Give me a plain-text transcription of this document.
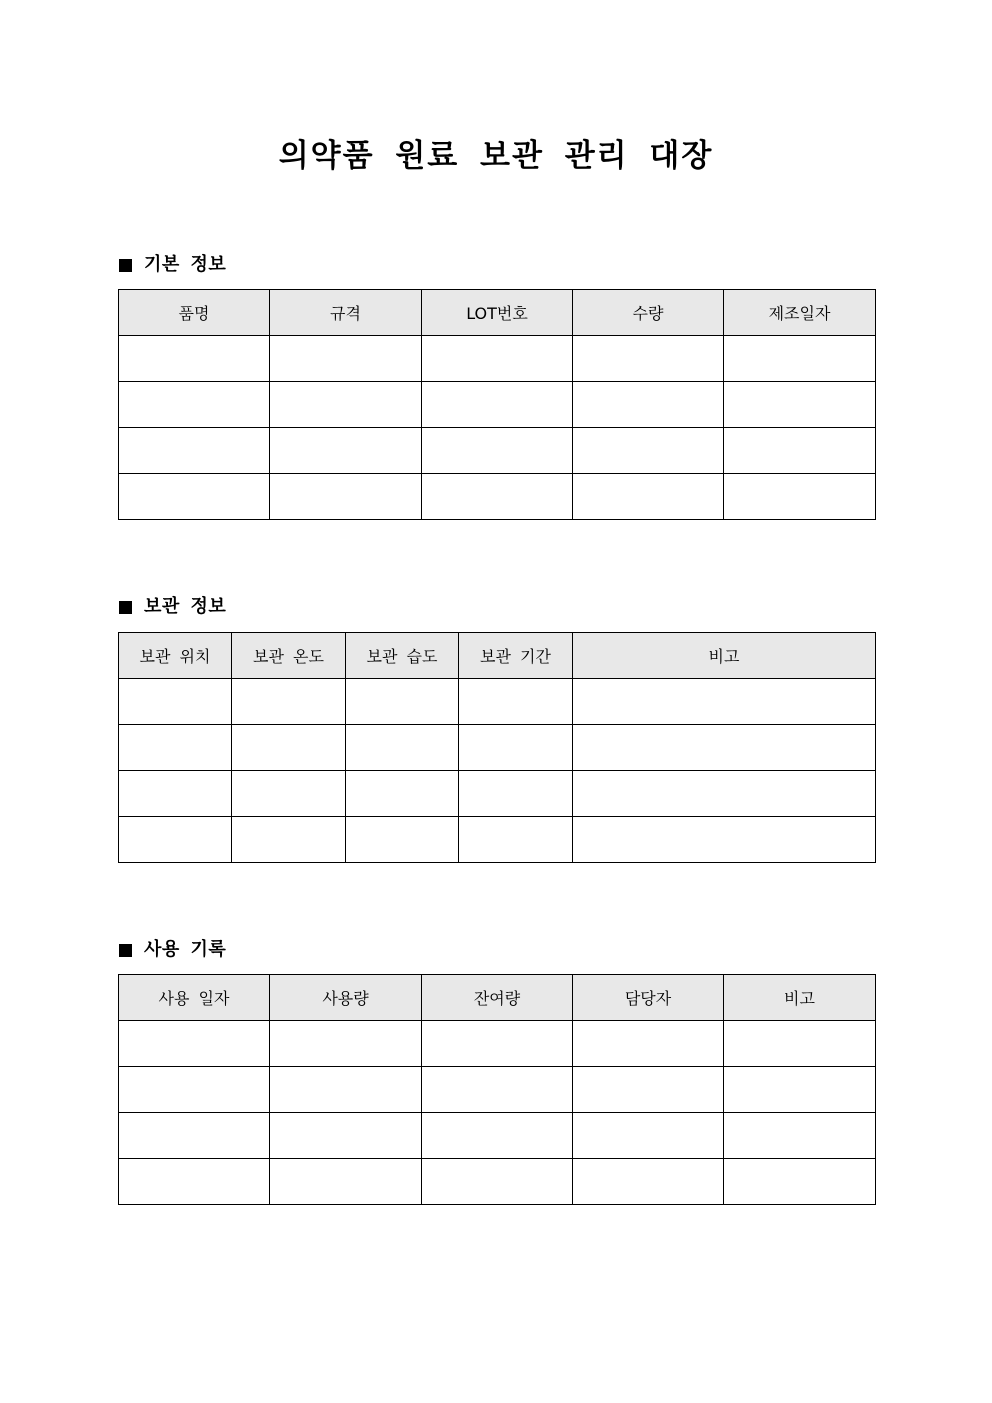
의약품 원료 보관 관리 대장
기본 정보
품명	규격	LOT번호	수량	제조일자

보관 정보
보관 위치	보관 온도	보관 습도	보관 기간	비고

사용 기록
사용 일자	사용량	잔여량	담당자	비고
